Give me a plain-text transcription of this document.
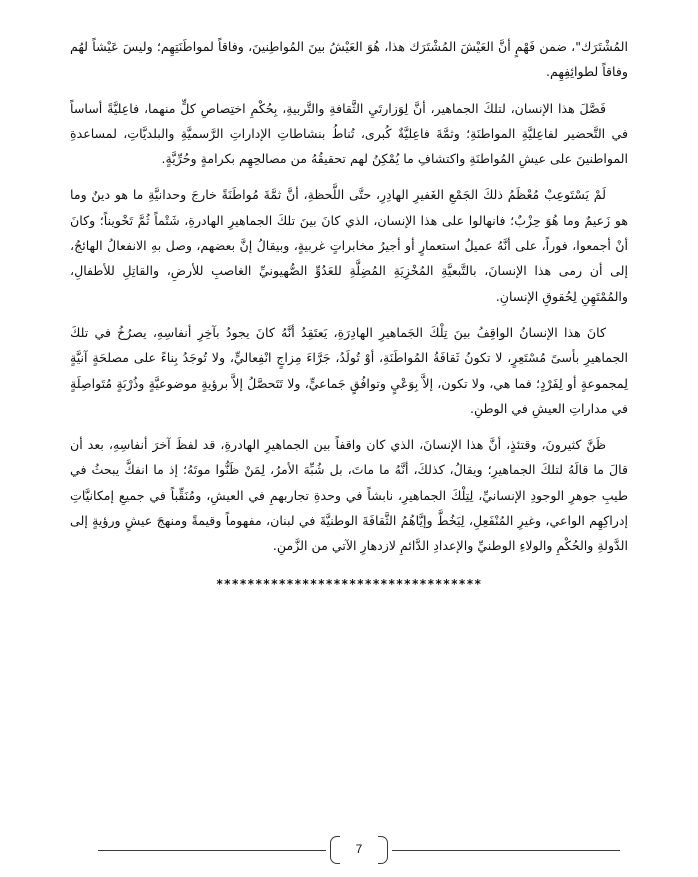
المُشْتَرَك"، ضمن فَهْمٍ أنَّ العَيْشَ المُشْتَرَك هذا، هُوَ العَيْشُ بينَ المُواطِنينَ، وفاقاً لمواطَنَتِهِم؛ وليسَ عَيْشاً لهُم وفاقاً لطوائِفِهِم.

فَصَّلَ هذا الإنسان، لتلكَ الجماهير، أنَّ لِوَزارتَيِ الثَّقافةِ والتَّربيةِ، بِحُكْمِ اختِصاصِ كلٍّ منهما، فاعِليَّةً أساساً في التَّحضير لفاعِليَّةِ المواطنَةِ؛ وثمَّةَ فاعِليَّةٌ كُبرى، تُناطُ بنشاطاتِ الإداراتِ الرَّسميَّةِ والبلديَّاتِ، لمساعدةِ المواطنينَ على عيشِ المُواطنَةِ واكتشافِ ما يُمْكِنُ لهم تحقيقُهُ من مصالحِهِم بكرامةٍ وحُرِّيَّةٍ.

لَمْ يَسْتَوعِبْ مُعْظَمُ ذلكَ الجَمْعِ الغَفيرِ الهادِرِ، حتَّى اللَّحظةِ، أنَّ ثمَّةَ مُواطَنَةً خارجَ وحدانيَّةِ ما هو دينٌ وما هو زَعيمٌ وما هُوَ حِزْبٌ؛ فانهالوا على هذا الإنسان، الذي كانَ بينَ تلكَ الجماهيرِ الهادرةِ، شَتْماً ثُمَّ تَخْويناً؛ وكانَ أنْ أجمعوا، فوراً، على أنَّهُ عميلُ استعمارٍ أو أجيرُ مخابراتٍ غربيةٍ، وبيقالُ إنَّ بعضهم، وصل بهِ الانفعالُ الهائجُ، إلى أن رمى هذا الإنسانَ، بالتَّبعيَّةِ المُخْزِيَةِ المُضِلَّةِ للعَدُوِّ الصُّهيونيِّ الغاصبِ للأرضِ، والقاتِلِ للأطفالِ، والمُمْتَهِنِ لِحُقوقِ الإنسانِ.

كانَ هذا الإنسانُ الواقِفُ بينَ تِلْكَ الجَماهيرِ الهادِرَةِ، يَعتَقِدُ أنَّهُ كانَ يجودُ بآخِرِ أنفاسِهِ، يصرُخُ في تلكَ الجماهيرِ بأسىً مُسْتَعِرٍ، لا تكونُ ثَقافَةُ المُواطَنَةِ، أوْ تُولَدُ، جَرَّاءَ مِزاجٍ انْفِعاليٍّ، ولا تُوجَدُ بِناءً على مصلحَةٍ آنيَّةٍ لِمجموعةٍ أو لِفَرْدٍ؛ فما هي، ولا تكون، إلاَّ بِوَعْيٍ وتوافُقٍ جَماعيٍّ، ولا تَتَحصَّلُ إلاَّ برؤيةٍ موضوعيَّةٍ وذُرْبَةٍ مُتَواصِلَةٍ في مداراتِ العيشِ في الوطنِ.

ظَنَّ كثيرونَ، وقتئذٍ، أنَّ هذا الإنسانَ، الذي كان واقفاً بين الجماهيرِ الهادرةِ، قد لفظَ آخرَ أنفاسِهِ، بعد أن قالَ ما قالَهُ لتلكَ الجماهيرِ؛ ويقالُ، كذلكَ، أنَّهُ ما ماتَ، بل شُبِّهَ الأمرُ، لِمَنْ ظَنُّوا موتَهُ؛ إذ ما انفكَّ يبحثُ في طيبِ جوهرِ الوجودِ الإنسانيِّ، لِتِلْكَ الجماهيرِ، نابشاً في وحدةِ تجاربهمِ في العيشِ، ومُنَقِّباً في جميعِ إمكانيَّاتِ إدراكِهِم الواعي، وغيرِ المُنْفَعِلِ، لِيَخُطَّ وإيَّاهُمُ الثَّقافَةَ الوطنيَّةَ في لبنان، مفهوماً وقيمةً ومنهجَ عيشٍ ورؤيةٍ إلى الدَّولةِ والحُكْمِ والولاءِ الوطنيِّ والإعدادِ الدَّائمِ لازدهارِ الآتي من الزَّمنِ.

**********************************
7
